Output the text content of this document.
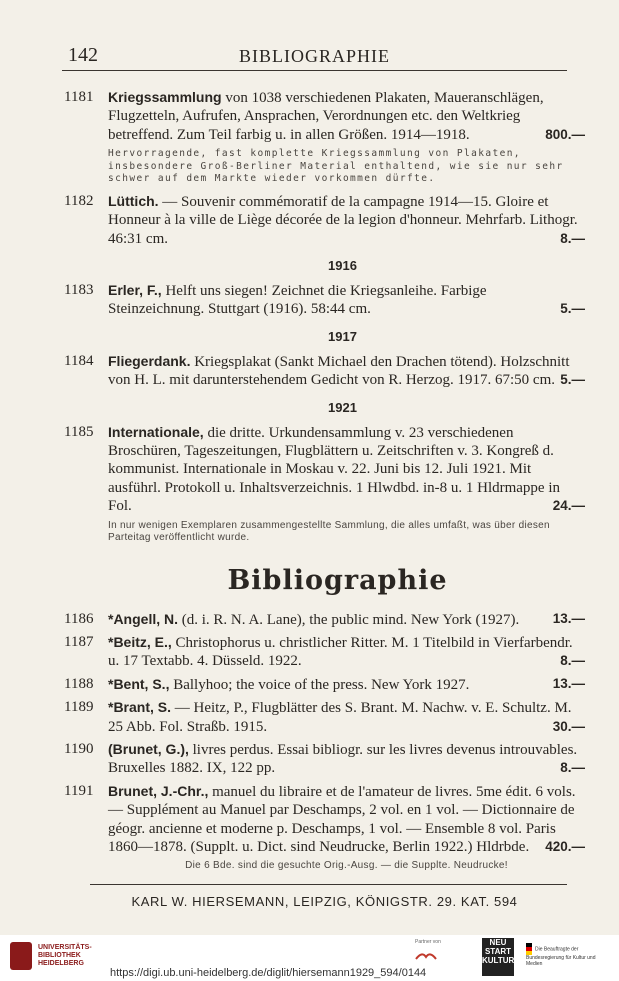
142	BIBLIOGRAPHIE
1181 Kriegssammlung von 1038 verschiedenen Plakaten, Maueranschlägen, Flugzetteln, Aufrufen, Ansprachen, Verordnungen etc. den Weltkrieg betreffend. Zum Teil farbig u. in allen Größen. 1914—1918.	800.—
Hervorragende, fast komplette Kriegssammlung von Plakaten, insbesondere Groß-Berliner Material enthaltend, wie sie nur sehr schwer auf dem Markte wieder vorkommen dürfte.
1182 Lüttich. — Souvenir commémoratif de la campagne 1914—15. Gloire et Honneur à la ville de Liège décorée de la legion d'honneur. Mehrfarb. Lithogr. 46:31 cm.	8.—
1916
1183 Erler, F., Helft uns siegen! Zeichnet die Kriegsanleihe. Farbige Steinzeichnung. Stuttgart (1916). 58:44 cm.	5.—
1917
1184 Fliegerdank. Kriegsplakat (Sankt Michael den Drachen tötend). Holzschnitt von H. L. mit darunterstehendem Gedicht von R. Herzog. 1917. 67:50 cm. 5.—
1921
1185 Internationale, die dritte. Urkundensammlung v. 23 verschiedenen Broschüren, Tageszeitungen, Flugblättern u. Zeitschriften v. 3. Kongreß d. kommunist. Internationale in Moskau v. 22. Juni bis 12. Juli 1921. Mit ausführl. Protokoll u. Inhaltsverzeichnis. 1 Hlwdbd. in-8 u. 1 Hldrmappe in Fol.	24.—
In nur wenigen Exemplaren zusammengestellte Sammlung, die alles umfaßt, was über diesen Parteitag veröffentlicht wurde.
Bibliographie
1186 *Angell, N. (d. i. R. N. A. Lane), the public mind. New York (1927). 13.—
1187 *Beitz, E., Christophorus u. christlicher Ritter. M. 1 Titelbild in Vierfarbendr. u. 17 Textabb. 4. Düsseld. 1922.	8.—
1188 *Bent, S., Ballyhoo; the voice of the press. New York 1927.	13.—
1189 *Brant, S. — Heitz, P., Flugblätter des S. Brant. M. Nachw. v. E. Schultz. M. 25 Abb. Fol. Straßb. 1915.	30.—
1190 (Brunet, G.), livres perdus. Essai bibliogr. sur les livres devenus introuvables. Bruxelles 1882. IX, 122 pp.	8.—
1191 Brunet, J.-Chr., manuel du libraire et de l'amateur de livres. 5me édit. 6 vols. — Supplément au Manuel par Deschamps, 2 vol. en 1 vol. — Dictionnaire de géogr. ancienne et moderne p. Deschamps, 1 vol. — Ensemble 8 vol. Paris 1860—1878. (Supplt. u. Dict. sind Neudrucke, Berlin 1922.) Hldrbde. 420.—
Die 6 Bde. sind die gesuchte Orig.-Ausg. — die Supplte. Neudrucke!
KARL W. HIERSEMANN, LEIPZIG, KÖNIGSTR. 29. KAT. 594
UNIVERSITÄTS-
BIBLIOTHEK
HEIDELBERG
Partner von	NEU
START
KULTUR
Die Beauftragte der Bundesregierung für Kultur und Medien
https://digi.ub.uni-heidelberg.de/diglit/hiersemann1929_594/0144
